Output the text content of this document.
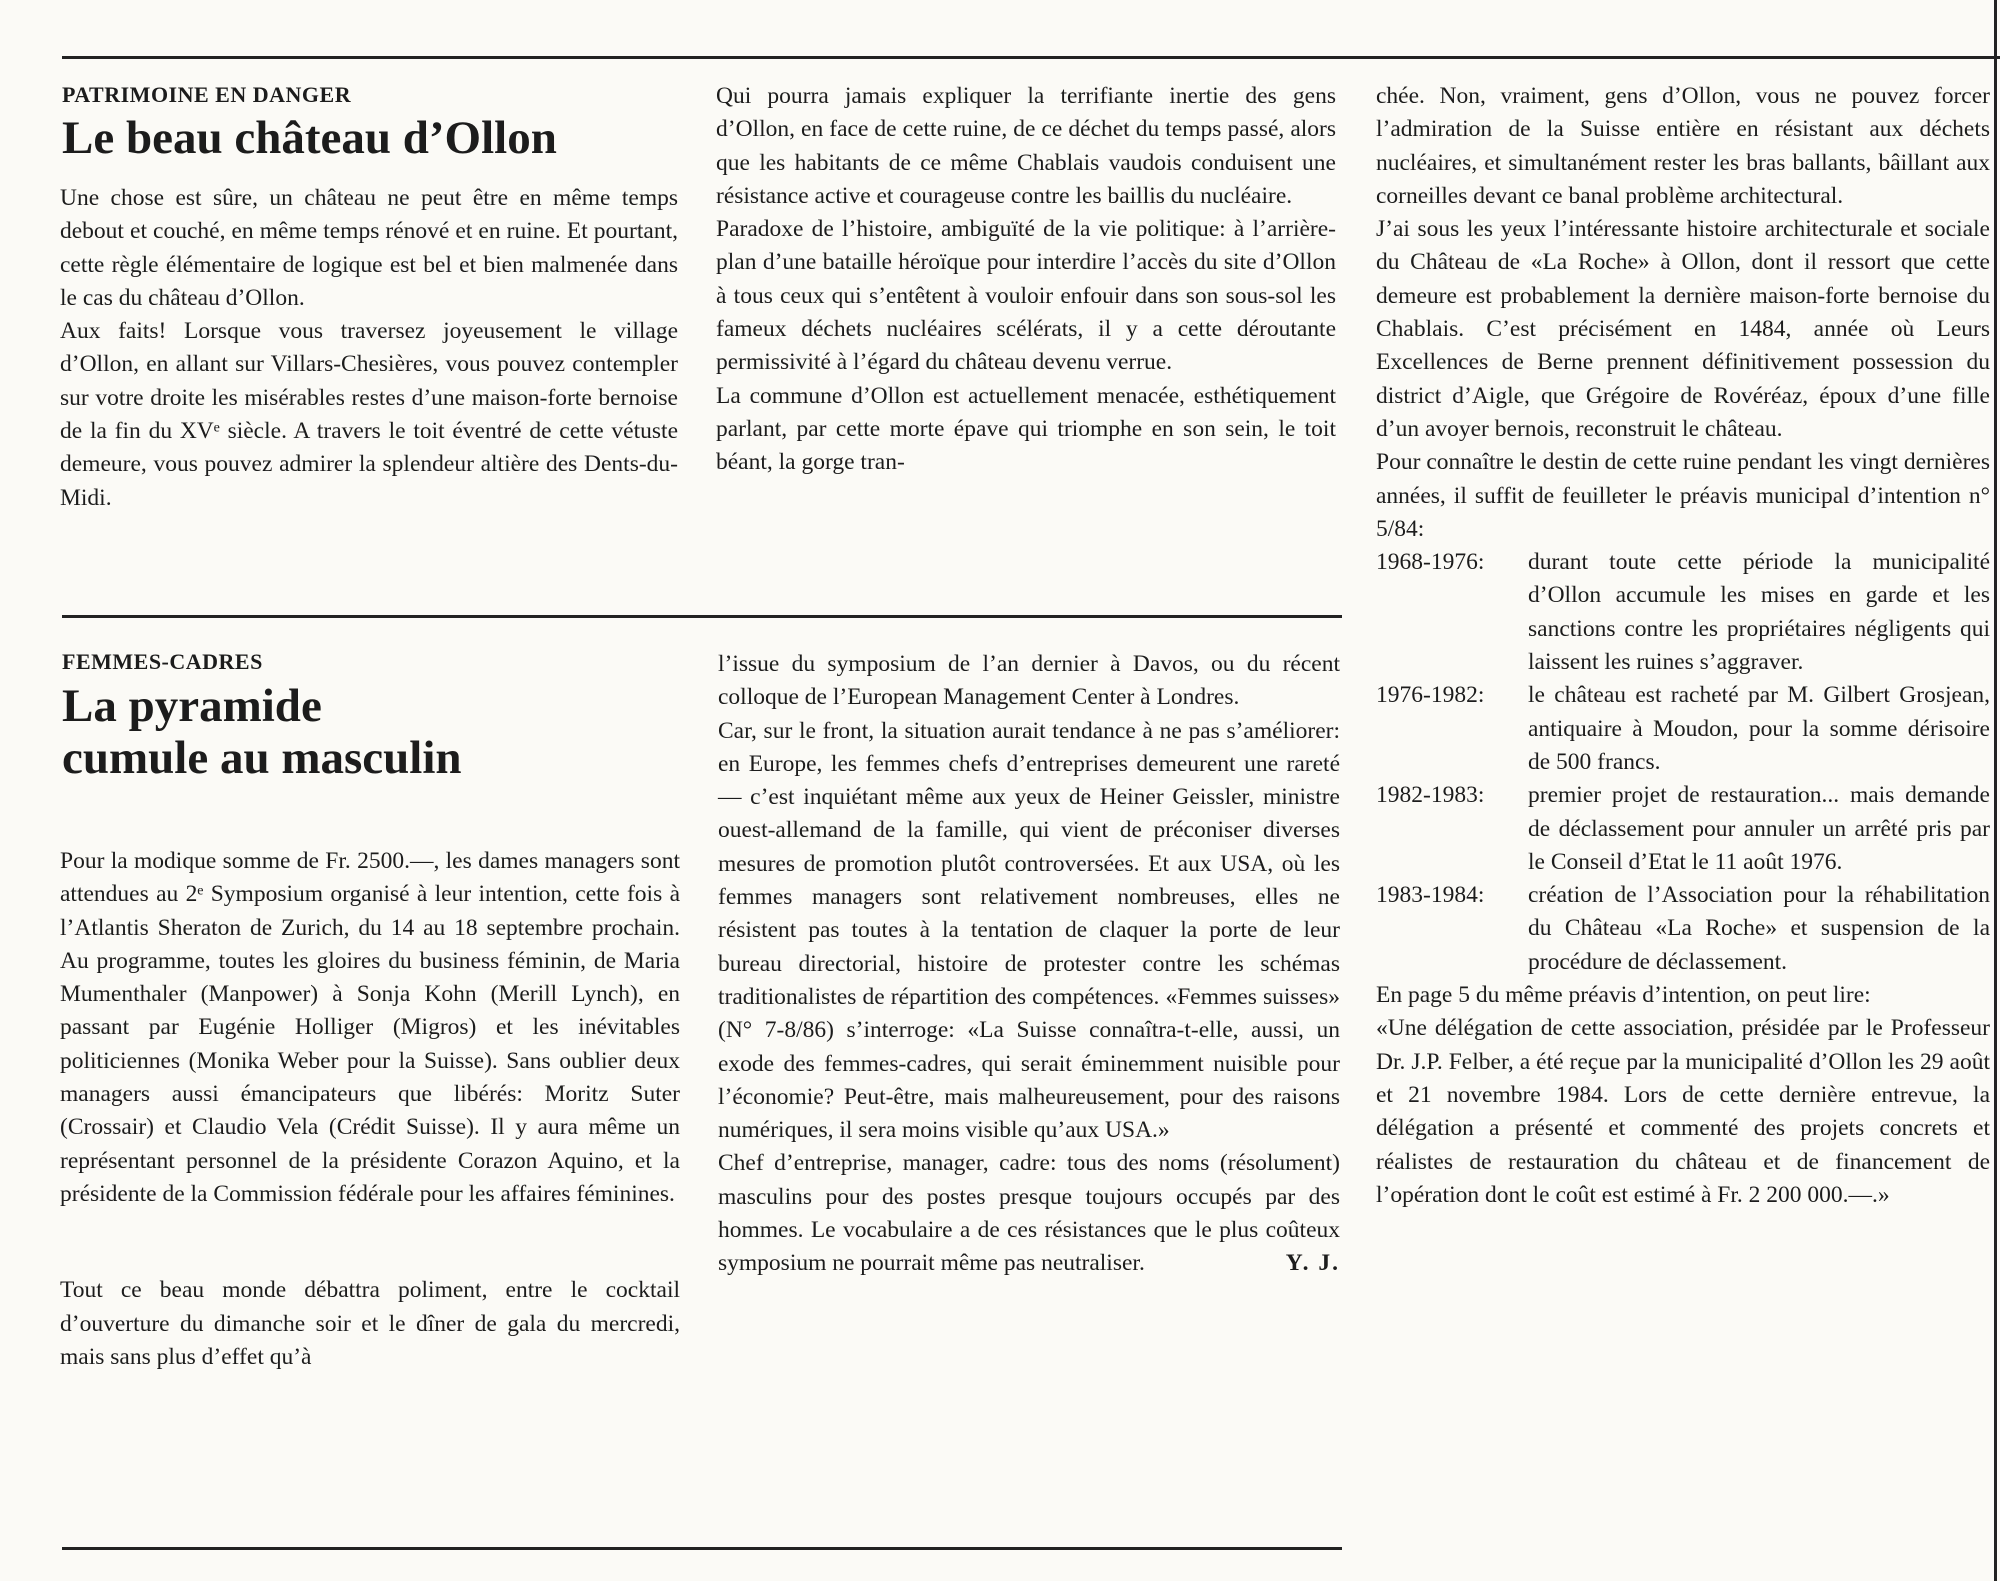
PATRIMOINE EN DANGER
Le beau château d’Ollon

Une chose est sûre, un château ne peut être en même temps debout et couché, en même temps rénové et en ruine. Et pourtant, cette règle élémentaire de logique est bel et bien malmenée dans le cas du château d’Ollon.

Aux faits! Lorsque vous traversez joyeusement le village d’Ollon, en allant sur Villars-Chesières, vous pouvez contempler sur votre droite les misérables restes d’une maison-forte bernoise de la fin du XVᵉ siècle. A travers le toit éventré de cette vétuste demeure, vous pouvez admirer la splendeur altière des Dents-du-Midi.

Qui pourra jamais expliquer la terrifiante inertie des gens d’Ollon, en face de cette ruine, de ce déchet du temps passé, alors que les habitants de ce même Chablais vaudois conduisent une résistance active et courageuse contre les baillis du nucléaire.

Paradoxe de l’histoire, ambiguïté de la vie politique: à l’arrière-plan d’une bataille héroïque pour interdire l’accès du site d’Ollon à tous ceux qui s’entêtent à vouloir enfouir dans son sous-sol les fameux déchets nucléaires scélérats, il y a cette déroutante permissivité à l’égard du château devenu verrue.

La commune d’Ollon est actuellement menacée, esthétiquement parlant, par cette morte épave qui triomphe en son sein, le toit béant, la gorge tran-

chée. Non, vraiment, gens d’Ollon, vous ne pouvez forcer l’admiration de la Suisse entière en résistant aux déchets nucléaires, et simultanément rester les bras ballants, bâillant aux corneilles devant ce banal problème architectural.

J’ai sous les yeux l’intéressante histoire architecturale et sociale du Château de «La Roche» à Ollon, dont il ressort que cette demeure est probablement la dernière maison-forte bernoise du Chablais. C’est précisément en 1484, année où Leurs Excellences de Berne prennent définitivement possession du district d’Aigle, que Grégoire de Rovéréaz, époux d’une fille d’un avoyer bernois, reconstruit le château.

Pour connaître le destin de cette ruine pendant les vingt dernières années, il suffit de feuilleter le préavis municipal d’intention n° 5/84:

1968-1976:	durant toute cette période la municipalité d’Ollon accumule les mises en garde et les sanctions contre les propriétaires négligents qui laissent les ruines s’aggraver.
1976-1982:	le château est racheté par M. Gilbert Grosjean, antiquaire à Moudon, pour la somme dérisoire de 500 francs.
1982-1983:	premier projet de restauration... mais demande de déclassement pour annuler un arrêté pris par le Conseil d’Etat le 11 août 1976.
1983-1984:	création de l’Association pour la réhabilitation du Château «La Roche» et suspension de la procédure de déclassement.

En page 5 du même préavis d’intention, on peut lire:

«Une délégation de cette association, présidée par le Professeur Dr. J.P. Felber, a été reçue par la municipalité d’Ollon les 29 août et 21 novembre 1984. Lors de cette dernière entrevue, la délégation a présenté et commenté des projets concrets et réalistes de restauration du château et de financement de l’opération dont le coût est estimé à Fr. 2 200 000.—.»

FEMMES-CADRES
La pyramide
cumule au masculin

Pour la modique somme de Fr. 2500.—, les dames managers sont attendues au 2ᵉ Symposium organisé à leur intention, cette fois à l’Atlantis Sheraton de Zurich, du 14 au 18 septembre prochain. Au programme, toutes les gloires du business féminin, de Maria Mumenthaler (Manpower) à Sonja Kohn (Merill Lynch), en passant par Eugénie Holliger (Migros) et les inévitables politiciennes (Monika Weber pour la Suisse). Sans oublier deux managers aussi émancipateurs que libérés: Moritz Suter (Crossair) et Claudio Vela (Crédit Suisse). Il y aura même un représentant personnel de la présidente Corazon Aquino, et la présidente de la Commission fédérale pour les affaires féminines.

Tout ce beau monde débattra poliment, entre le cocktail d’ouverture du dimanche soir et le dîner de gala du mercredi, mais sans plus d’effet qu’à

l’issue du symposium de l’an dernier à Davos, ou du récent colloque de l’European Management Center à Londres.

Car, sur le front, la situation aurait tendance à ne pas s’améliorer: en Europe, les femmes chefs d’entreprises demeurent une rareté — c’est inquiétant même aux yeux de Heiner Geissler, ministre ouest-allemand de la famille, qui vient de préconiser diverses mesures de promotion plutôt controversées. Et aux USA, où les femmes managers sont relativement nombreuses, elles ne résistent pas toutes à la tentation de claquer la porte de leur bureau directorial, histoire de protester contre les schémas traditionalistes de répartition des compétences. «Femmes suisses» (N° 7-8/86) s’interroge: «La Suisse connaîtra-t-elle, aussi, un exode des femmes-cadres, qui serait éminemment nuisible pour l’économie? Peut-être, mais malheureusement, pour des raisons numériques, il sera moins visible qu’aux USA.»

Chef d’entreprise, manager, cadre: tous des noms (résolument) masculins pour des postes presque toujours occupés par des hommes. Le vocabulaire a de ces résistances que le plus coûteux symposium ne pourrait même pas neutraliser.	Y. J.
